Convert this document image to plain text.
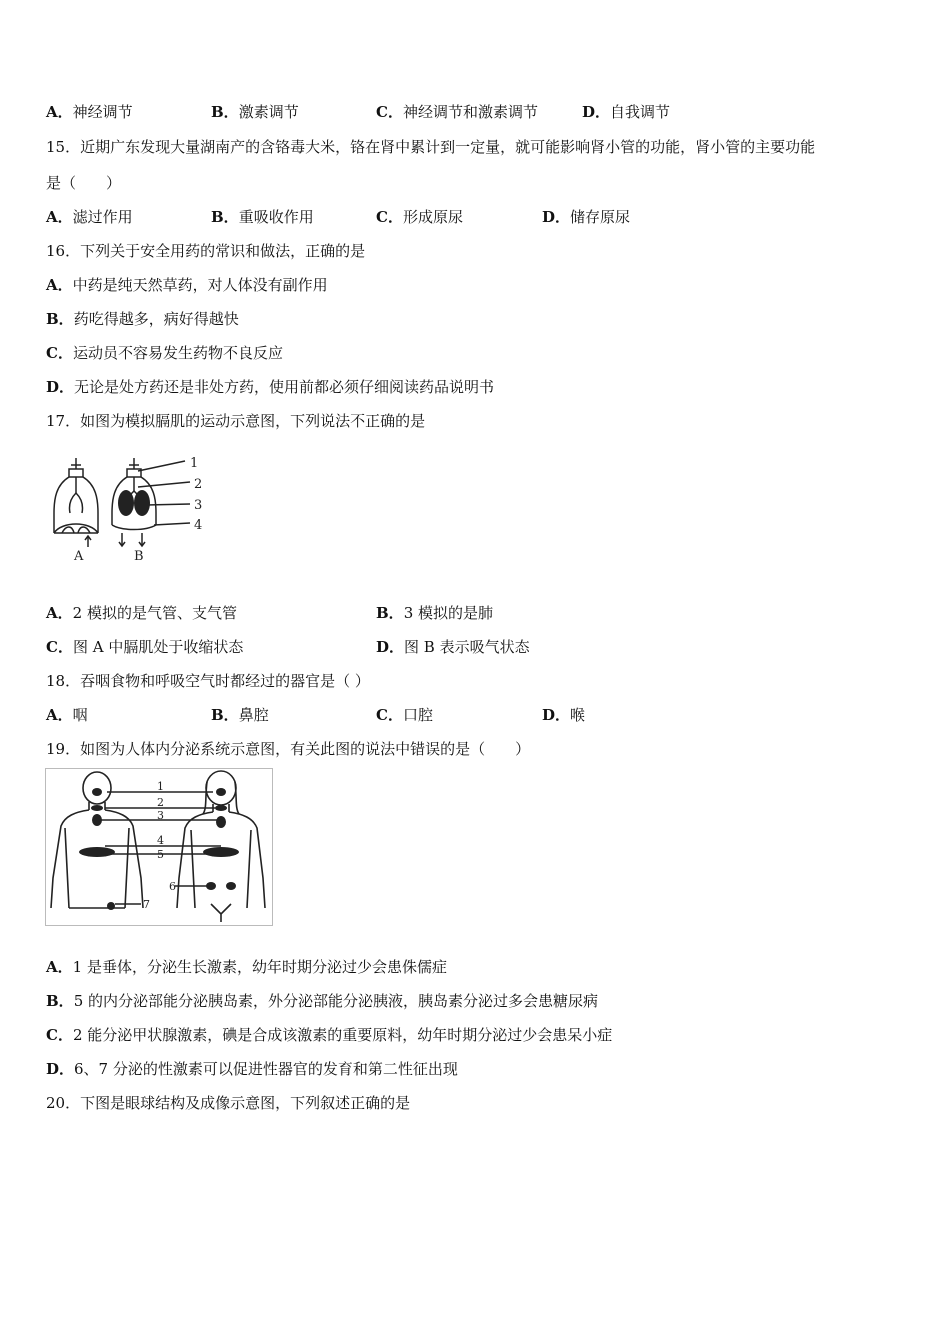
A．神经调节	B．激素调节	C．神经调节和激素调节	D．自我调节
15．近期广东发现大量湖南产的含铬毒大米，铬在肾中累计到一定量，就可能影响肾小管的功能，肾小管的主要功能
是（　　）
A．滤过作用	B．重吸收作用	C．形成原尿	D．储存原尿
16．下列关于安全用药的常识和做法，正确的是
A．中药是纯天然草药，对人体没有副作用
B．药吃得越多，病好得越快
C．运动员不容易发生药物不良反应
D．无论是处方药还是非处方药，使用前都必须仔细阅读药品说明书
17．如图为模拟膈肌的运动示意图，下列说法不正确的是
1
2
3
4
A	B
A．2 模拟的是气管、支气管	B．3 模拟的是肺
C．图 A 中膈肌处于收缩状态	D．图 B 表示吸气状态
18．吞咽食物和呼吸空气时都经过的器官是（ ）
A．咽	B．鼻腔	C．口腔	D．喉
19．如图为人体内分泌系统示意图，有关此图的说法中错误的是（　　）
1
2
3
4
5
6
7
A．1 是垂体，分泌生长激素，幼年时期分泌过少会患侏儒症
B．5 的内分泌部能分泌胰岛素，外分泌部能分泌胰液，胰岛素分泌过多会患糖尿病
C．2 能分泌甲状腺激素，碘是合成该激素的重要原料，幼年时期分泌过少会患呆小症
D．6、7 分泌的性激素可以促进性器官的发育和第二性征出现
20．下图是眼球结构及成像示意图，下列叙述正确的是
